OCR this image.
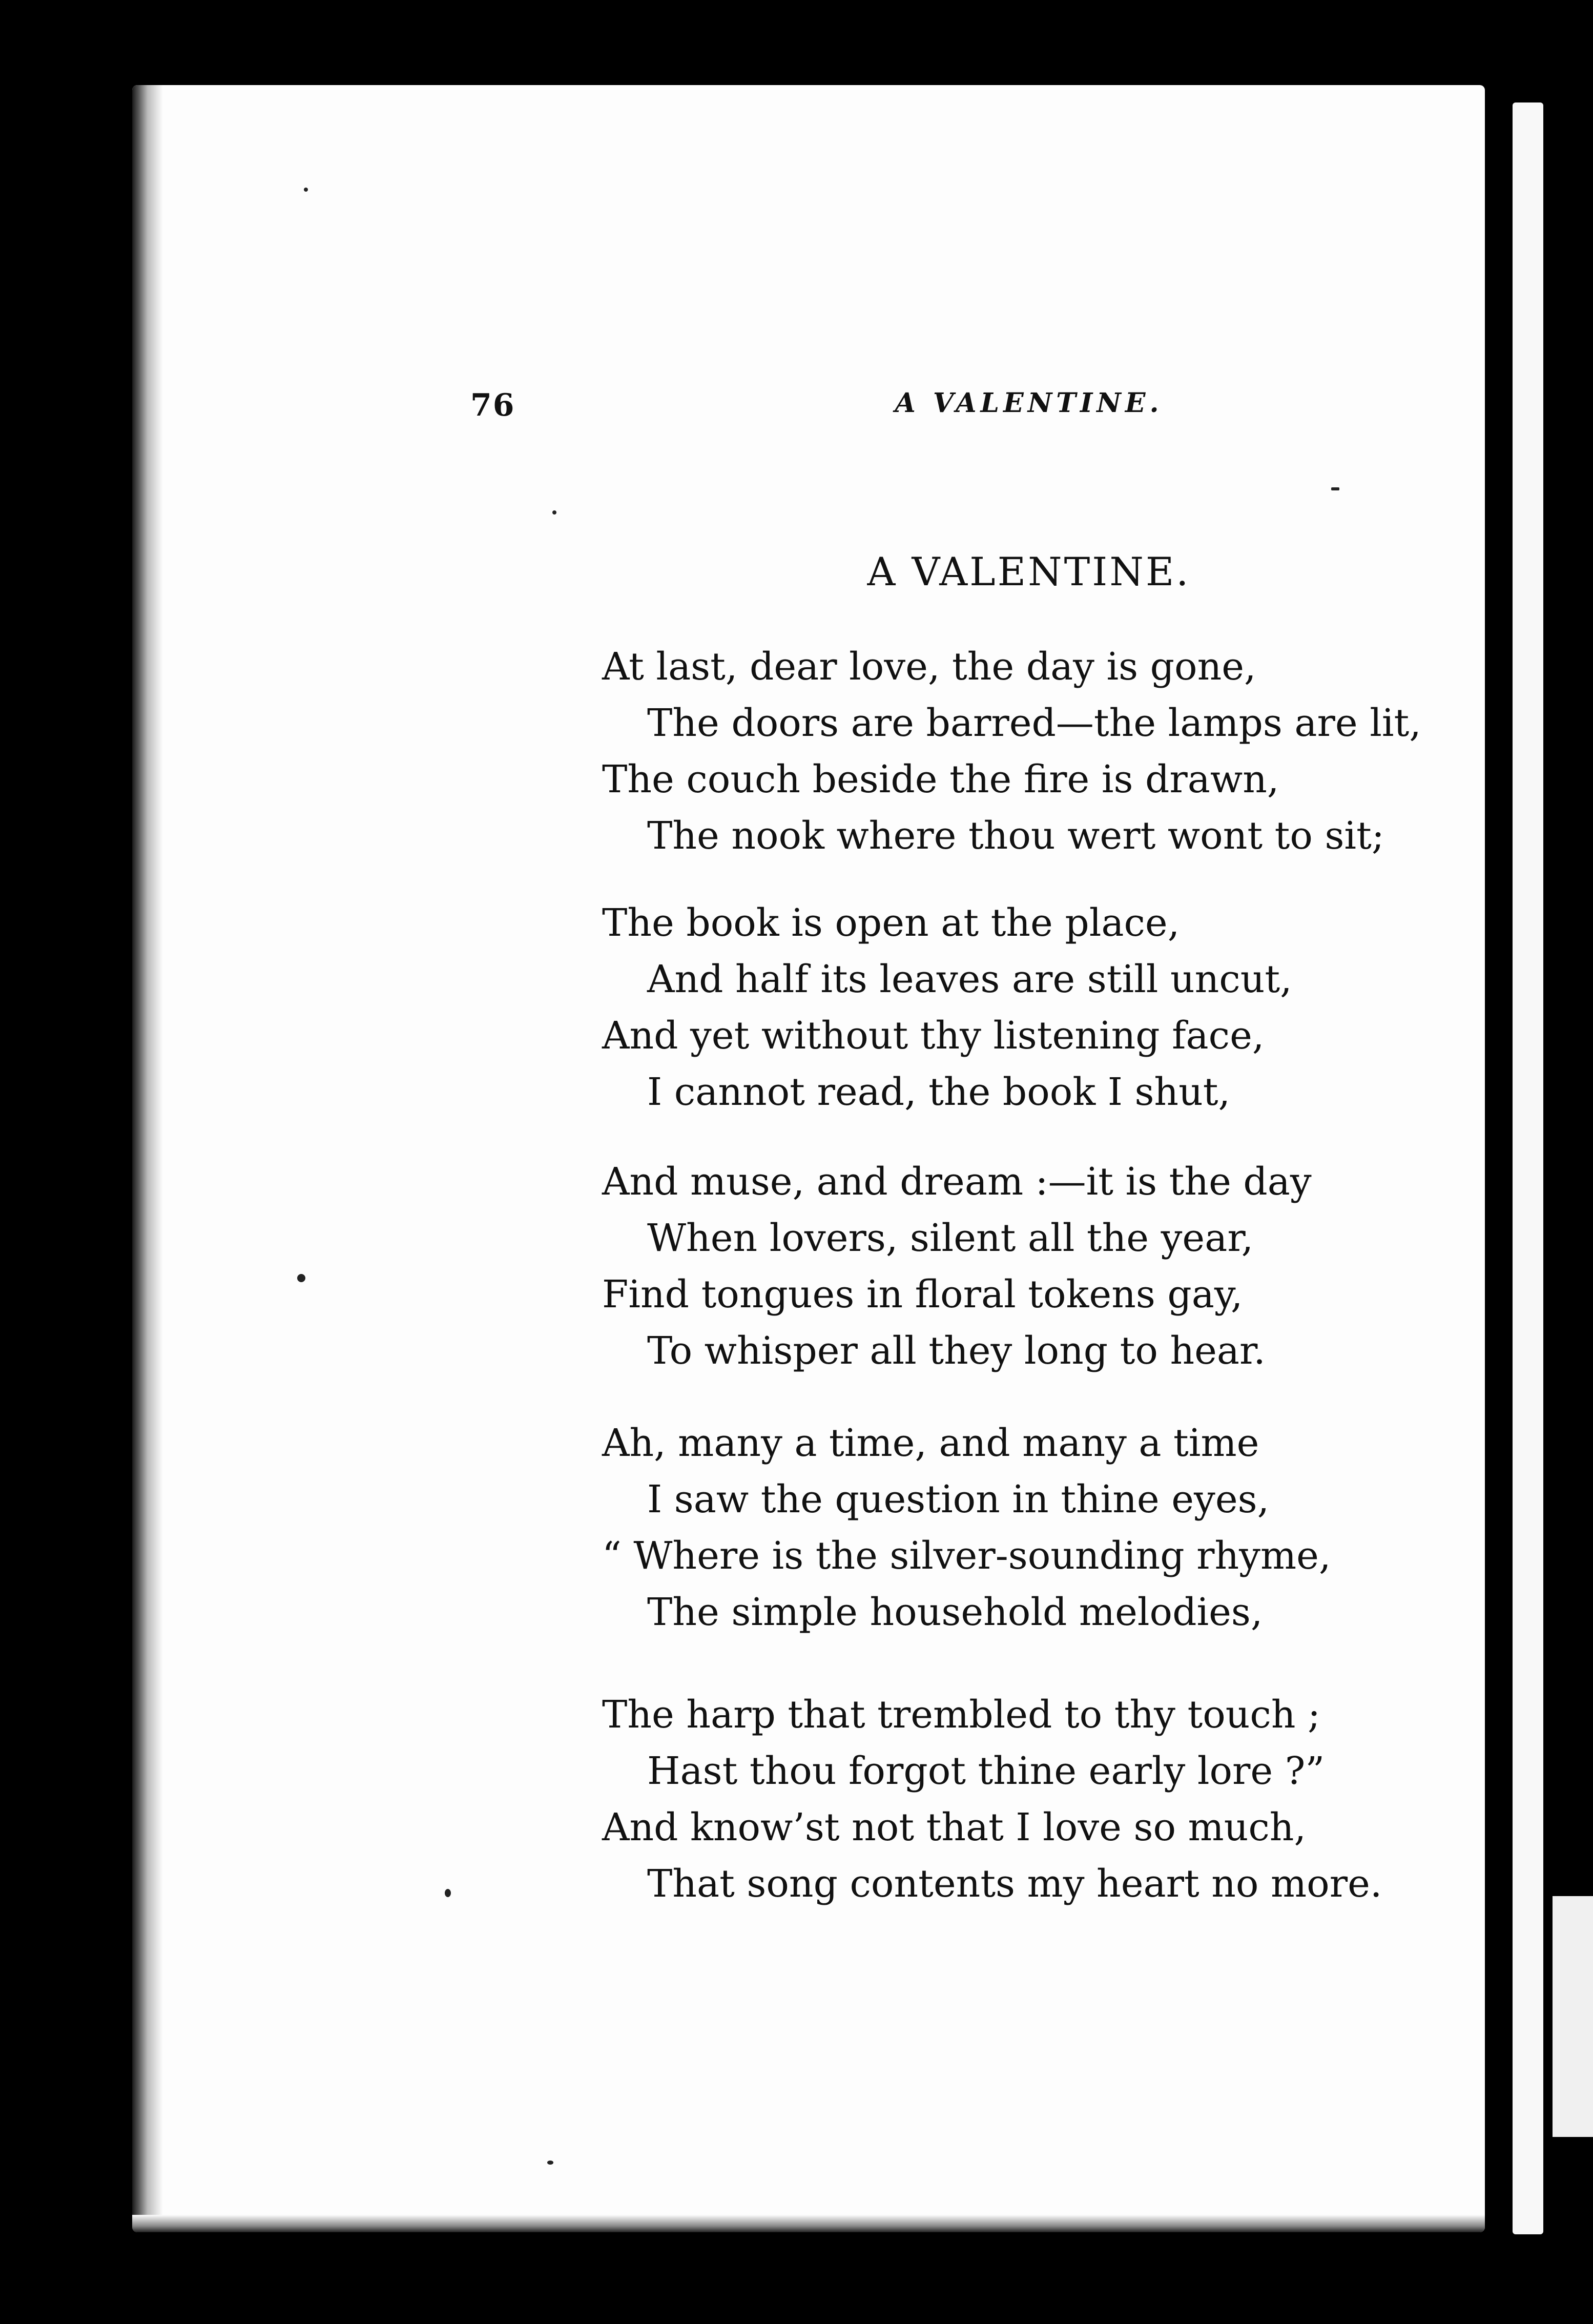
76	A VALENTINE.
A VALENTINE.
At last, dear love, the day is gone,
The doors are barred—the lamps are lit,
The couch beside the fire is drawn,
The nook where thou wert wont to sit;
The book is open at the place,
And half its leaves are still uncut,
And yet without thy listening face,
I cannot read, the book I shut,
And muse, and dream :—it is the day
When lovers, silent all the year,
Find tongues in floral tokens gay,
To whisper all they long to hear.
Ah, many a time, and many a time
I saw the question in thine eyes,
“ Where is the silver-sounding rhyme,
The simple household melodies,
The harp that trembled to thy touch ;
Hast thou forgot thine early lore ?”
And know’st not that I love so much,
That song contents my heart no more.
